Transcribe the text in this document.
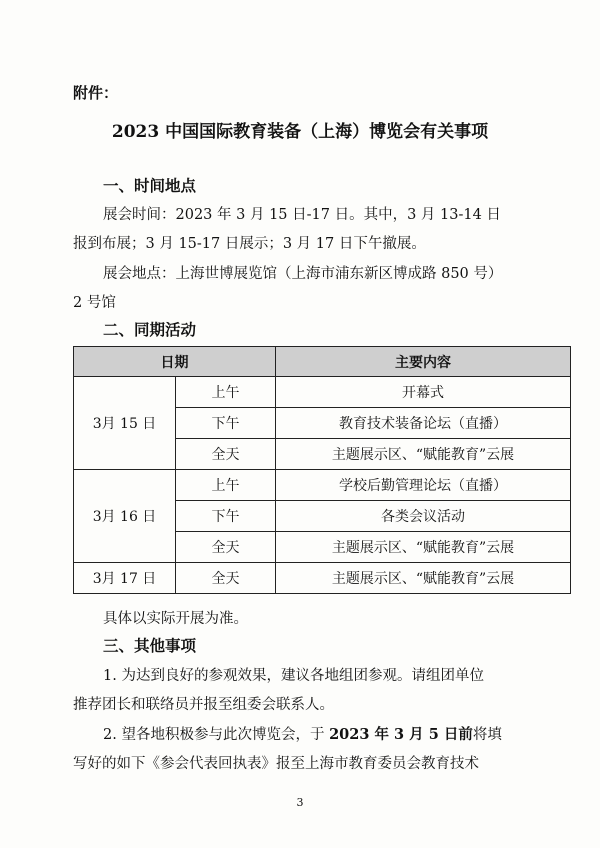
附件：
2023 中国国际教育装备（上海）博览会有关事项
一、时间地点
展会时间：2023 年 3 月 15 日-17 日。其中，3 月 13-14 日
报到布展；3 月 15-17 日展示；3 月 17 日下午撤展。
展会地点：上海世博展览馆（上海市浦东新区博成路 850 号）
2 号馆
二、同期活动
日期		主要内容
3月 15 日	上午	开幕式
	下午	教育技术装备论坛（直播）
	全天	主题展示区、“赋能教育”云展
3月 16 日	上午	学校后勤管理论坛（直播）
	下午	各类会议活动
	全天	主题展示区、“赋能教育”云展
3月 17 日	全天	主题展示区、“赋能教育”云展
具体以实际开展为准。
三、其他事项
1. 为达到良好的参观效果，建议各地组团参观。请组团单位
推荐团长和联络员并报至组委会联系人。
2. 望各地积极参与此次博览会，于 2023 年 3 月 5 日前将填
写好的如下《参会代表回执表》报至上海市教育委员会教育技术
3
